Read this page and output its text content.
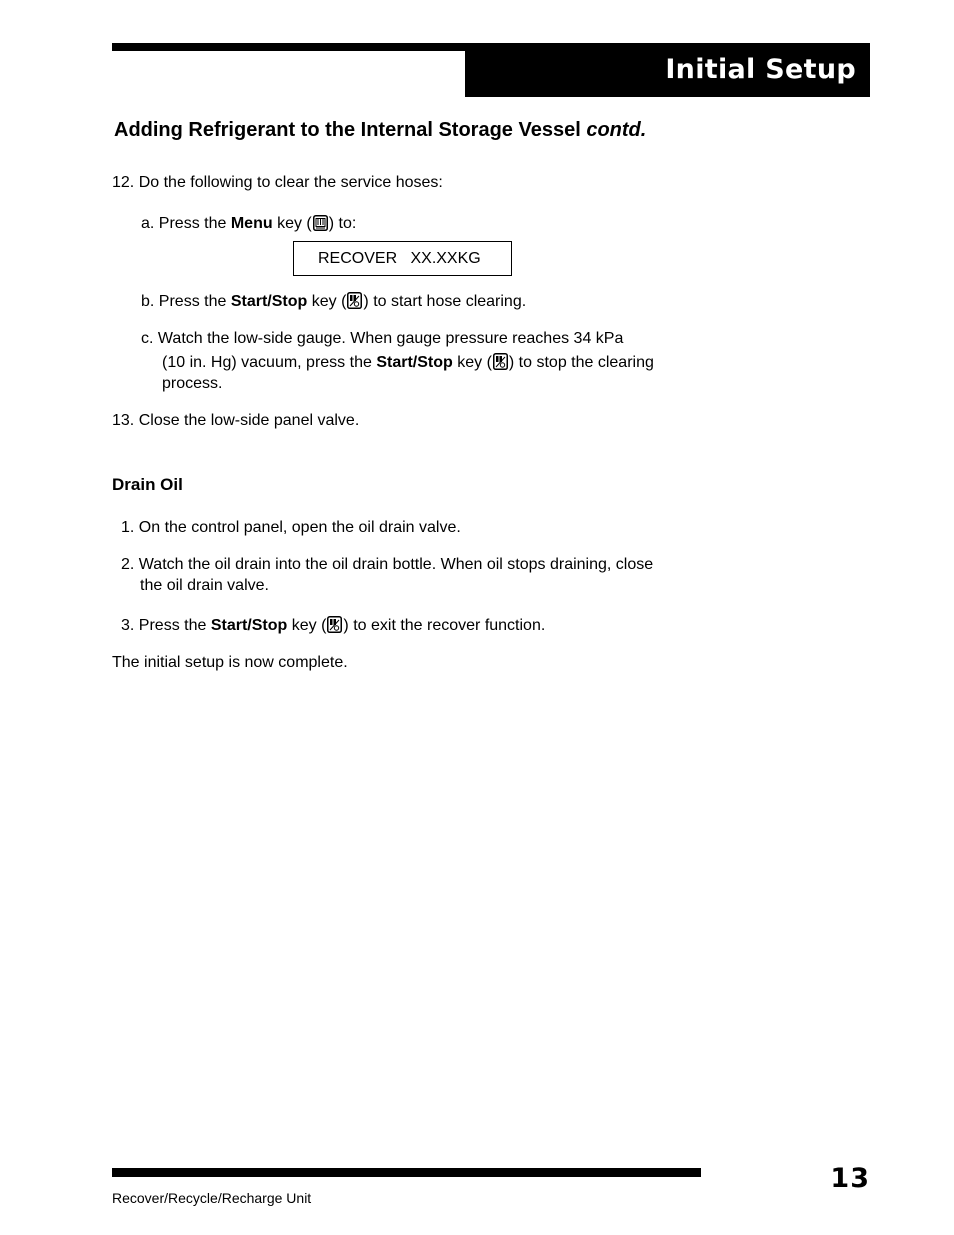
Initial Setup
Adding Refrigerant to the Internal Storage Vessel contd.
12. Do the following to clear the service hoses:
a. Press the Menu key ( ) to:
RECOVER XX.XXKG
b. Press the Start/Stop key ( ) to start hose clearing.
c. Watch the low-side gauge. When gauge pressure reaches 34 kPa
(10 in. Hg) vacuum, press the Start/Stop key ( ) to stop the clearing
process.
13. Close the low-side panel valve.
Drain Oil
1. On the control panel, open the oil drain valve.
2. Watch the oil drain into the oil drain bottle. When oil stops draining, close
the oil drain valve.
3. Press the Start/Stop key ( ) to exit the recover function.
The initial setup is now complete.
13
Recover/Recycle/Recharge Unit
